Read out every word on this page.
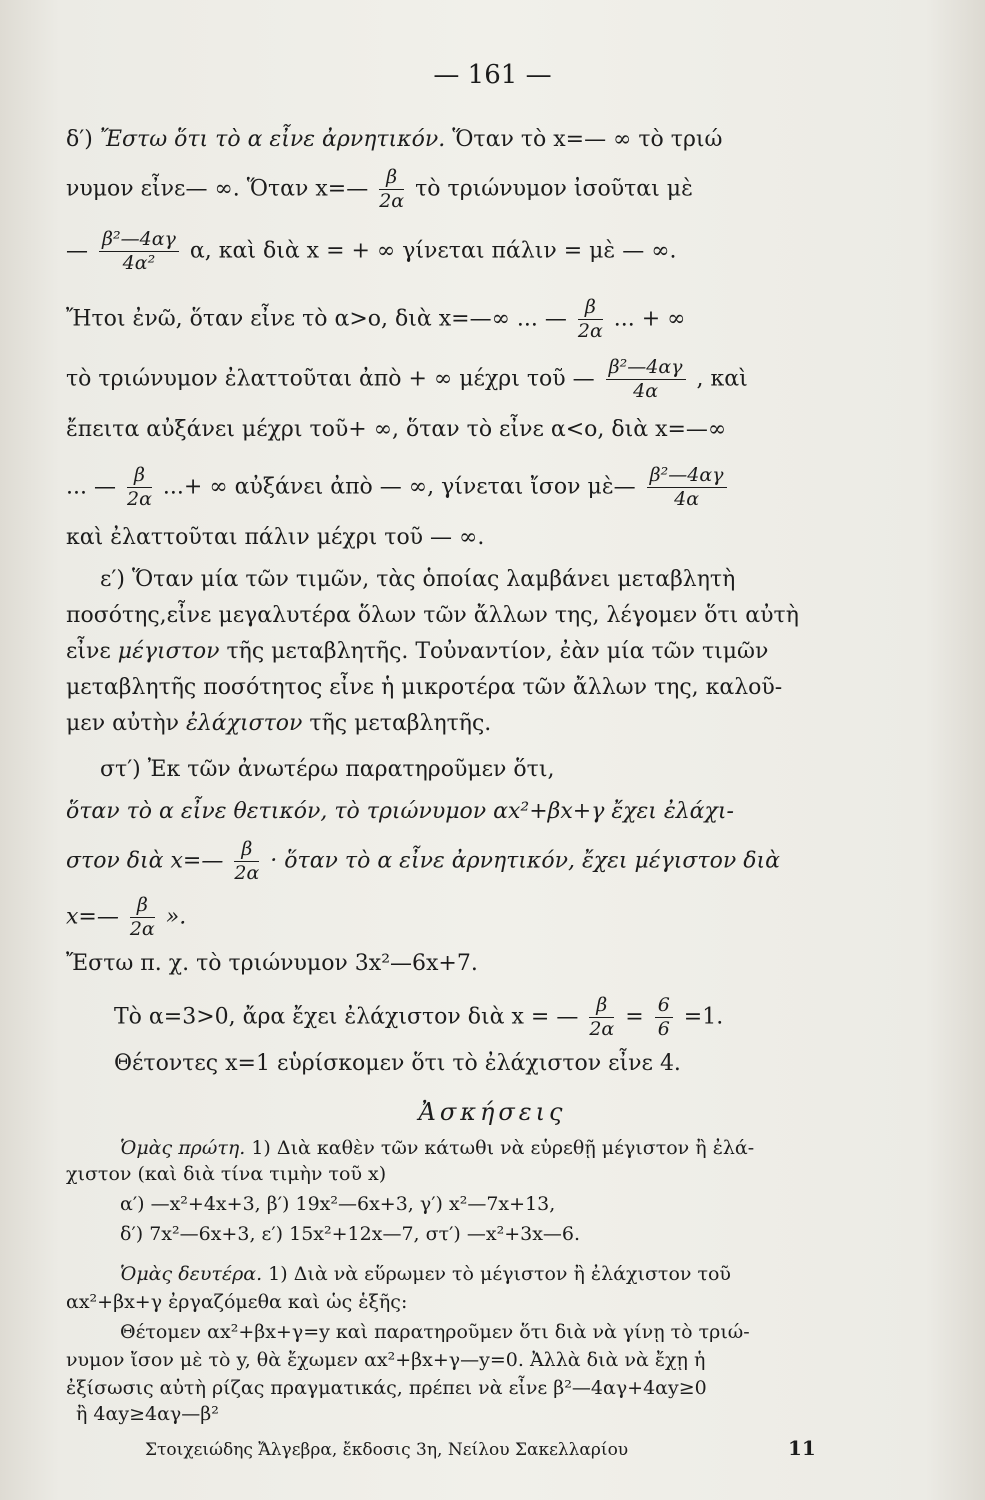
— 161 —
δ′) Ἔστω ὅτι τὸ α εἶνε ἀρνητικόν. Ὅταν τὸ x=— ∞ τὸ τριώ
νυμον εἶνε— ∞. Ὅταν x=— $\frac{\beta}{2\alpha}$ τὸ τριώνυμον ἰσοῦται μὲ
— $\frac{\text{β²—4αγ}}{\text{4α²}} \alpha$, καὶ διὰ x = + ∞ γίνεται πάλιν = μὲ — ∞.
Ἤτοι ἐνῶ, ὅταν εἶνε τὸ α>ο, διὰ x=—∞ ... — $\frac{\beta}{2\alpha}$ ... + ∞
τὸ τριώνυμον ἐλαττοῦται ἀπὸ + ∞ μέχρι τοῦ — $\frac{\text{β²—4αγ}}{4\alpha}$ , καὶ
ἔπειτα αὐξάνει μέχρι τοῦ+ ∞, ὅταν τὸ εἶνε α<ο, διὰ x=—∞
... — $\frac{\beta}{2\alpha}$ ...+ ∞ αὐξάνει ἀπὸ — ∞, γίνεται ἴσον μὲ— $\frac{\text{β²—4αγ}}{4\alpha}$
καὶ ἐλαττοῦται πάλιν μέχρι τοῦ — ∞.
ε′) Ὅταν μία τῶν τιμῶν, τὰς ὁποίας λαμβάνει μεταβλητὴ
ποσότης,εἶνε μεγαλυτέρα ὅλων τῶν ἄλλων της, λέγομεν ὅτι αὐτὴ
εἶνε μέγιστον τῆς μεταβλητῆς. Τοὐναντίον, ἐὰν μία τῶν τιμῶν
μεταβλητῆς ποσότητος εἶνε ἡ μικροτέρα τῶν ἄλλων της, καλοῦ-
μεν αὐτὴν ἐλάχιστον τῆς μεταβλητῆς.
στ′) Ἐκ τῶν ἀνωτέρω παρατηροῦμεν ὅτι,
ὅταν τὸ α εἶνε θετικόν, τὸ τριώνυμον αx²+βx+γ ἔχει ἐλάχι-
στον διὰ x=— $\frac{\beta}{2\alpha}$ · ὅταν τὸ α εἶνε ἀρνητικόν, ἔχει μέγιστον διὰ
x=— $\frac{\beta}{2\alpha}$ ».
Ἔστω π. χ. τὸ τριώνυμον 3x²—6x+7.
Τὸ α=3>0, ἄρα ἔχει ἐλάχιστον διὰ x = — $\frac{\beta}{2\alpha} = \frac{6}{6} =1$.
Θέτοντες x=1 εὑρίσκομεν ὅτι τὸ ἐλάχιστον εἶνε 4.
Ἀσκήσεις
Ὁμὰς πρώτη. 1) Διὰ καθὲν τῶν κάτωθι νὰ εὑρεθῇ μέγιστον ἢ ἐλά-
χιστον (καὶ διὰ τίνα τιμὴν τοῦ x)
α′) —x²+4x+3, β′) 19x²—6x+3, γ′) x²—7x+13,
δ′) 7x²—6x+3, ε′) 15x²+12x—7, στ′) —x²+3x—6.
Ὁμὰς δευτέρα. 1) Διὰ νὰ εὕρωμεν τὸ μέγιστον ἢ ἐλάχιστον τοῦ
αx²+βx+γ ἐργαζόμεθα καὶ ὡς ἑξῆς:
Θέτομεν αx²+βx+γ=y καὶ παρατηροῦμεν ὅτι διὰ νὰ γίνῃ τὸ τριώ-
νυμον ἴσον μὲ τὸ y, θὰ ἔχωμεν αx²+βx+γ—y=0. Ἀλλὰ διὰ νὰ ἔχῃ ἡ
ἐξίσωσις αὐτὴ ρίζας πραγματικάς, πρέπει νὰ εἶνε β²—4αγ+4αy≥0
ἢ 4αy≥4αγ—β²
Στοιχειώδης Ἄλγεβρα, ἔκδοσις 3η, Νείλου Σακελλαρίου	11
